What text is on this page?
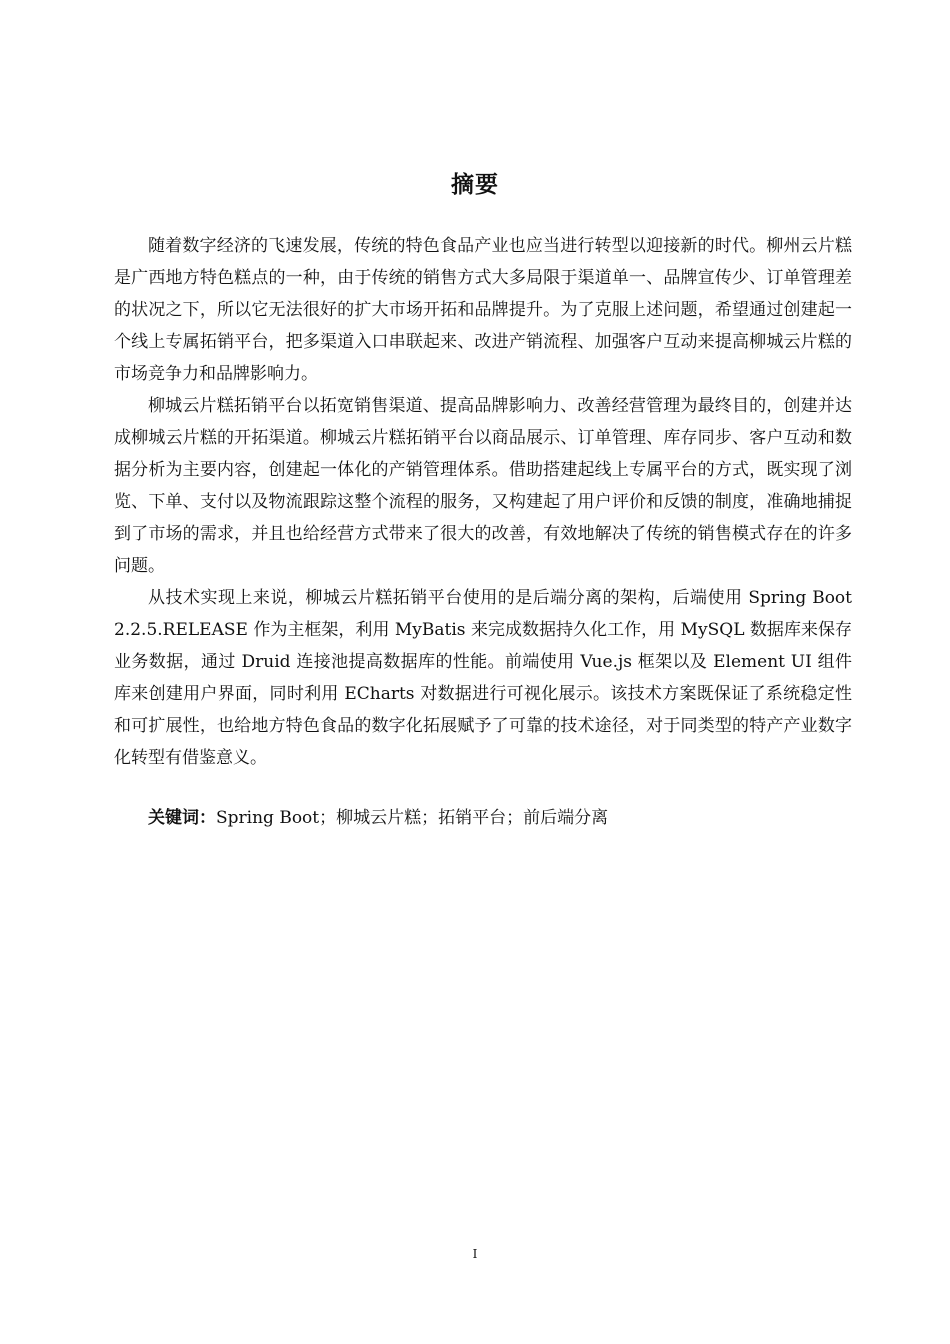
摘要

随着数字经济的飞速发展，传统的特色食品产业也应当进行转型以迎接新的时代。柳州云片糕是广西地方特色糕点的一种，由于传统的销售方式大多局限于渠道单一、品牌宣传少、订单管理差的状况之下，所以它无法很好的扩大市场开拓和品牌提升。为了克服上述问题，希望通过创建起一个线上专属拓销平台，把多渠道入口串联起来、改进产销流程、加强客户互动来提高柳城云片糕的市场竞争力和品牌影响力。

柳城云片糕拓销平台以拓宽销售渠道、提高品牌影响力、改善经营管理为最终目的，创建并达成柳城云片糕的开拓渠道。柳城云片糕拓销平台以商品展示、订单管理、库存同步、客户互动和数据分析为主要内容，创建起一体化的产销管理体系。借助搭建起线上专属平台的方式，既实现了浏览、下单、支付以及物流跟踪这整个流程的服务，又构建起了用户评价和反馈的制度，准确地捕捉到了市场的需求，并且也给经营方式带来了很大的改善，有效地解决了传统的销售模式存在的许多问题。

从技术实现上来说，柳城云片糕拓销平台使用的是后端分离的架构，后端使用 Spring Boot 2.2.5.RELEASE 作为主框架，利用 MyBatis 来完成数据持久化工作，用 MySQL 数据库来保存业务数据，通过 Druid 连接池提高数据库的性能。前端使用 Vue.js 框架以及 Element UI 组件库来创建用户界面，同时利用 ECharts 对数据进行可视化展示。该技术方案既保证了系统稳定性和可扩展性，也给地方特色食品的数字化拓展赋予了可靠的技术途径，对于同类型的特产产业数字化转型有借鉴意义。

关键词：Spring Boot；柳城云片糕；拓销平台；前后端分离
I
